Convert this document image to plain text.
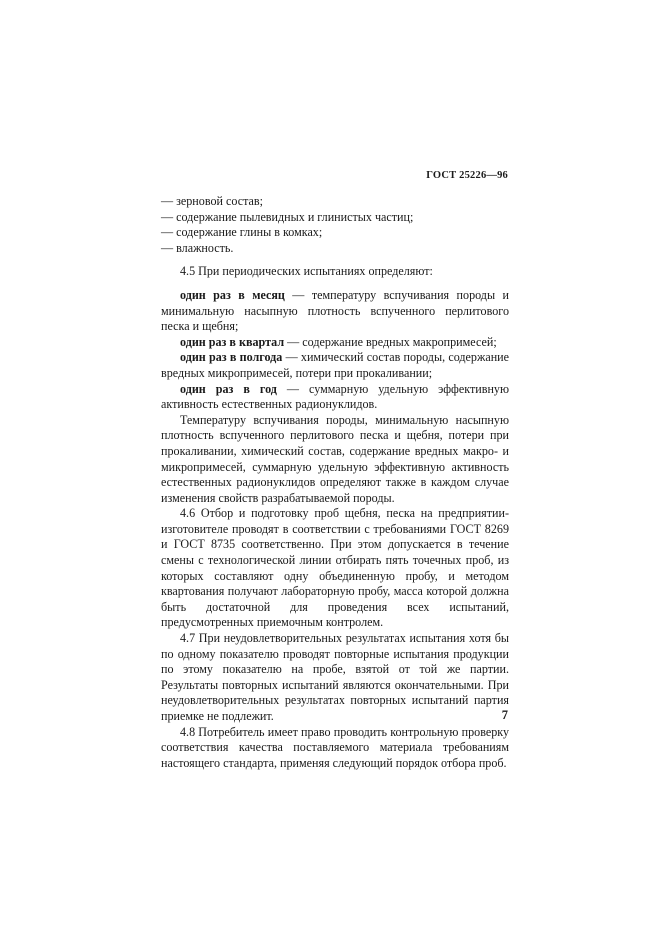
ГОСТ 25226—96
— зерновой состав;
— содержание пылевидных и глинистых частиц;
— содержание глины в комках;
— влажность.

4.5 При периодических испытаниях определяют:

один раз в месяц — температуру вспучивания породы и минимальную насыпную плотность вспученного перлитового песка и щебня;

один раз в квартал — содержание вредных макропримесей;

один раз в полгода — химический состав породы, содержание вредных микропримесей, потери при прокаливании;

один раз в год — суммарную удельную эффективную активность естественных радионуклидов.

Температуру вспучивания породы, минимальную насыпную плотность вспученного перлитового песка и щебня, потери при прокаливании, химический состав, содержание вредных макро- и микропримесей, суммарную удельную эффективную активность естественных радионуклидов определяют также в каждом случае изменения свойств разрабатываемой породы.

4.6 Отбор и подготовку проб щебня, песка на предприятии-изготовителе проводят в соответствии с требованиями ГОСТ 8269 и ГОСТ 8735 соответственно. При этом допускается в течение смены с технологической линии отбирать пять точечных проб, из которых составляют одну объединенную пробу, и методом квартования получают лабораторную пробу, масса которой должна быть достаточной для проведения всех испытаний, предусмотренных приемочным контролем.

4.7 При неудовлетворительных результатах испытания хотя бы по одному показателю проводят повторные испытания продукции по этому показателю на пробе, взятой от той же партии. Результаты повторных испытаний являются окончательными. При неудовлетворительных результатах повторных испытаний партия приемке не подлежит.

4.8 Потребитель имеет право проводить контрольную проверку соответствия качества поставляемого материала требованиям настоящего стандарта, применяя следующий порядок отбора проб.

7
